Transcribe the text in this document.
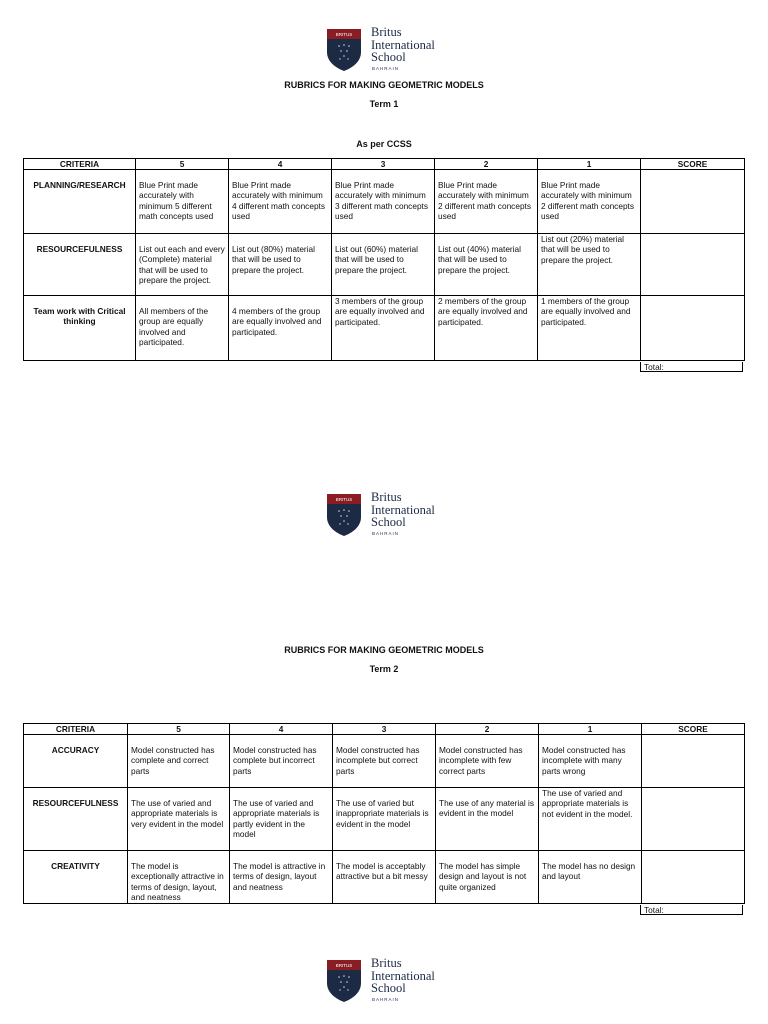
BRITUS Britus
International
School
BAHRAIN
RUBRICS FOR MAKING GEOMETRIC MODELS
Term 1
As per CCSS
CRITERIA	5	4	3	2	1	SCORE
PLANNING/RESEARCH	Blue Print made accurately with minimum 5 different math concepts used	Blue Print made accurately with minimum 4 different math concepts used	Blue Print made accurately with minimum 3 different math concepts used	Blue Print made accurately with minimum 2 different math concepts used	Blue Print made accurately with minimum 2 different math concepts used	
RESOURCEFULNESS	List out each and every (Complete) material that will be used to prepare the project.	List out (80%) material that will be used to prepare the project.	List out (60%) material that will be used to prepare the project.	List out (40%) material that will be used to prepare the project.	List out (20%) material that will be used to prepare the project.	
Team work with Critical thinking	All members of the group are equally involved and participated.	4 members of the group are equally involved and participated.	3 members of the group are equally involved and participated.	2 members of the group are equally involved and participated.	1 members of the group are equally involved and participated.	
Total:
BRITUS Britus
International
School
BAHRAIN
RUBRICS FOR MAKING GEOMETRIC MODELS
Term 2
CRITERIA	5	4	3	2	1	SCORE
ACCURACY	Model constructed has complete and correct parts	Model constructed has complete but incorrect parts	Model constructed has incomplete but correct parts	Model constructed has incomplete with few correct parts	Model constructed has incomplete with many parts wrong	
RESOURCEFULNESS	The use of varied and appropriate materials is very evident in the model	The use of varied and appropriate materials is partly evident in the model	The use of varied but inappropriate materials is evident in the model	The use of any material is evident in the model	The use of varied and appropriate materials is not evident in the model.	
CREATIVITY	The model is exceptionally attractive in terms of design, layout, and neatness	The model is attractive in terms of design, layout and neatness	The model is acceptably attractive but a bit messy	The model has simple design and layout is not quite organized	The model has no design and layout	
Total:
BRITUS Britus
International
School
BAHRAIN
